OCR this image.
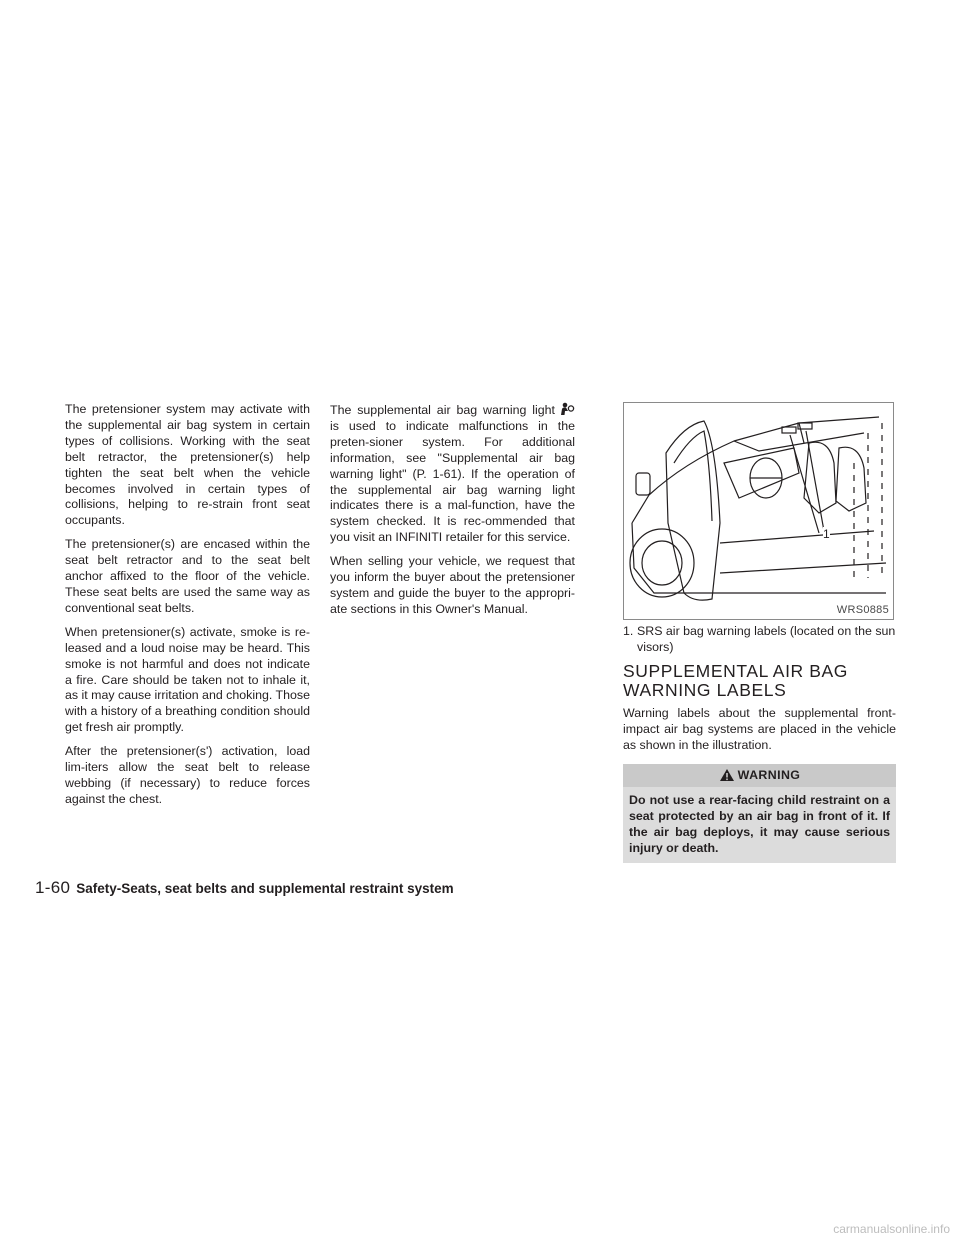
The pretensioner system may activate with the supplemental air bag system in certain types of collisions. Working with the seat belt retractor, the pretensioner(s) help tighten the seat belt when the vehicle becomes involved in certain types of collisions, helping to re-strain front seat occupants.

The pretensioner(s) are encased within the seat belt retractor and to the seat belt anchor affixed to the floor of the vehicle. These seat belts are used the same way as conventional seat belts.

When pretensioner(s) activate, smoke is re-leased and a loud noise may be heard. This smoke is not harmful and does not indicate a fire. Care should be taken not to inhale it, as it may cause irritation and choking. Those with a history of a breathing condition should get fresh air promptly.

After the pretensioner(s') activation, load lim-iters allow the seat belt to release webbing (if necessary) to reduce forces against the chest.

The supplemental air bag warning light is used to indicate malfunctions in the preten-sioner system. For additional information, see "Supplemental air bag warning light" (P. 1-61). If the operation of the supplemental air bag warning light indicates there is a mal-function, have the system checked. It is rec-ommended that you visit an INFINITI retailer for this service.

When selling your vehicle, we request that you inform the buyer about the pretensioner system and guide the buyer to the appropri-ate sections in this Owner's Manual.

1
WRS0885
1. SRS air bag warning labels (located on the sun visors)
SUPPLEMENTAL AIR BAG WARNING LABELS

Warning labels about the supplemental front-impact air bag systems are placed in the vehicle as shown in the illustration.

WARNING
Do not use a rear-facing child restraint on a seat protected by an air bag in front of it. If the air bag deploys, it may cause serious injury or death.
1-60 Safety-Seats, seat belts and supplemental restraint system
carmanualsonline.info
